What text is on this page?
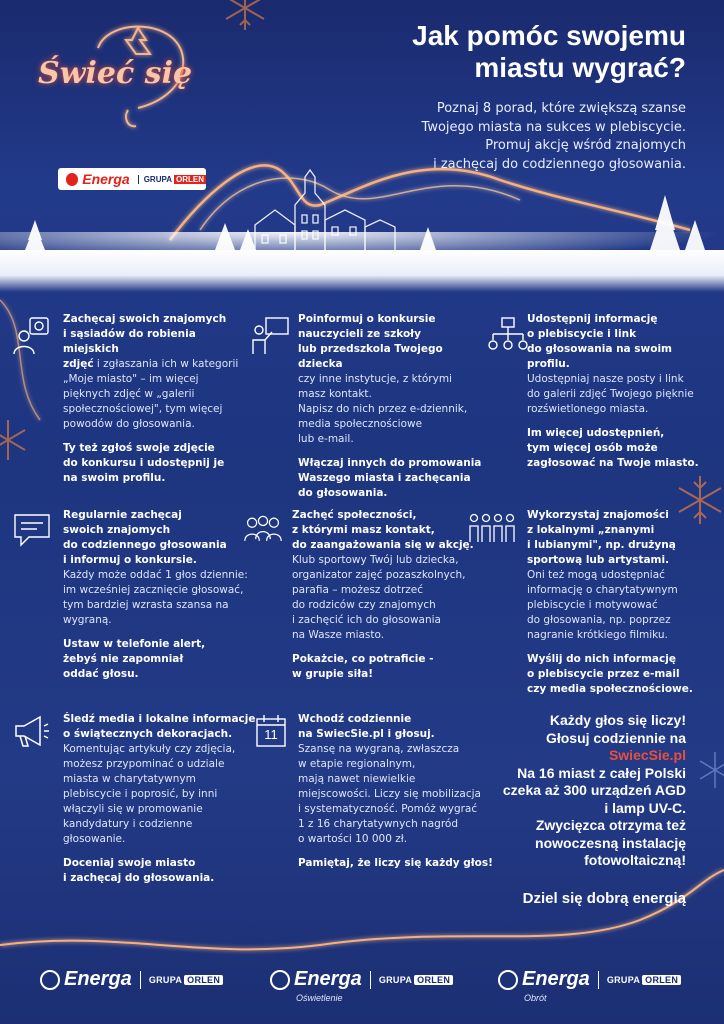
Świeć się
Energa	GRUPA ORLEN
Jak pomóc swojemu
miastu wygrać?
Poznaj 8 porad, które zwiększą szanse
Twojego miasta na sukces w plebiscycie.
Promuj akcję wśród znajomych
i zachęcaj do codziennego głosowania.
11
Zachęcaj swoich znajomych
i sąsiadów do robienia miejskich
zdjęć i zgłaszania ich w kategorii
„Moje miasto" – im więcej
pięknych zdjęć w „galerii
społecznościowej", tym więcej
powodów do głosowania.
Ty też zgłoś swoje zdjęcie
do konkursu i udostępnij je
na swoim profilu.
Poinformuj o konkursie
nauczycieli ze szkoły
lub przedszkola Twojego dziecka
czy inne instytucje, z którymi
masz kontakt.
Napisz do nich przez e-dziennik,
media społecznościowe
lub e-mail.
Włączaj innych do promowania
Waszego miasta i zachęcania
do głosowania.
Udostępnij informację
o plebiscycie i link
do głosowania na swoim profilu.
Udostępniaj nasze posty i link
do galerii zdjęć Twojego pięknie
rozświetlonego miasta.
Im więcej udostępnień,
tym więcej osób może
zagłosować na Twoje miasto.
Regularnie zachęcaj
swoich znajomych
do codziennego głosowania
i informuj o konkursie.
Każdy może oddać 1 głos dziennie:
im wcześniej zacznięcie głosować,
tym bardziej wzrasta szansa na
wygraną.
Ustaw w telefonie alert,
żebyś nie zapomniał
oddać głosu.
Zachęć społeczności,
z którymi masz kontakt,
do zaangażowania się w akcję.
Klub sportowy Twój lub dziecka,
organizator zajęć pozaszkolnych,
parafia – możesz dotrzeć
do rodziców czy znajomych
i zachęcić ich do głosowania
na Wasze miasto.
Pokażcie, co potraficie -
w grupie siła!
Wykorzystaj znajomości
z lokalnymi „znanymi
i lubianymi", np. drużyną
sportową lub artystami.
Oni też mogą udostępniać
informację o charytatywnym
plebiscycie i motywować
do głosowania, np. poprzez
nagranie krótkiego filmiku.
Wyślij do nich informację
o plebiscycie przez e-mail
czy media społecznościowe.
Śledź media i lokalne informacje
o świątecznych dekoracjach.
Komentując artykuły czy zdjęcia,
możesz przypominać o udziale
miasta w charytatywnym
plebiscycie i poprosić, by inni
włączyli się w promowanie
kandydatury i codzienne
głosowanie.
Doceniaj swoje miasto
i zachęcaj do głosowania.
Wchodź codziennie
na SwiecSie.pl i głosuj.
Szansę na wygraną, zwłaszcza
w etapie regionalnym,
mają nawet niewielkie
miejscowości. Liczy się mobilizacja
i systematyczność. Pomóż wygrać
1 z 16 charytatywnych nagród
o wartości 10 000 zł.
Pamiętaj, że liczy się każdy głos!
Każdy głos się liczy!
Głosuj codziennie na
SwiecSie.pl
Na 16 miast z całej Polski
czeka aż 300 urządzeń AGD
i lamp UV-C.
Zwycięzca otrzyma też
nowoczesną instalację
fotowoltaiczną!
Dziel się dobrą energią
Energa GRUPA ORLEN	Energa GRUPA ORLEN
Oświetlenie
Energa GRUPA ORLEN
Obrót
